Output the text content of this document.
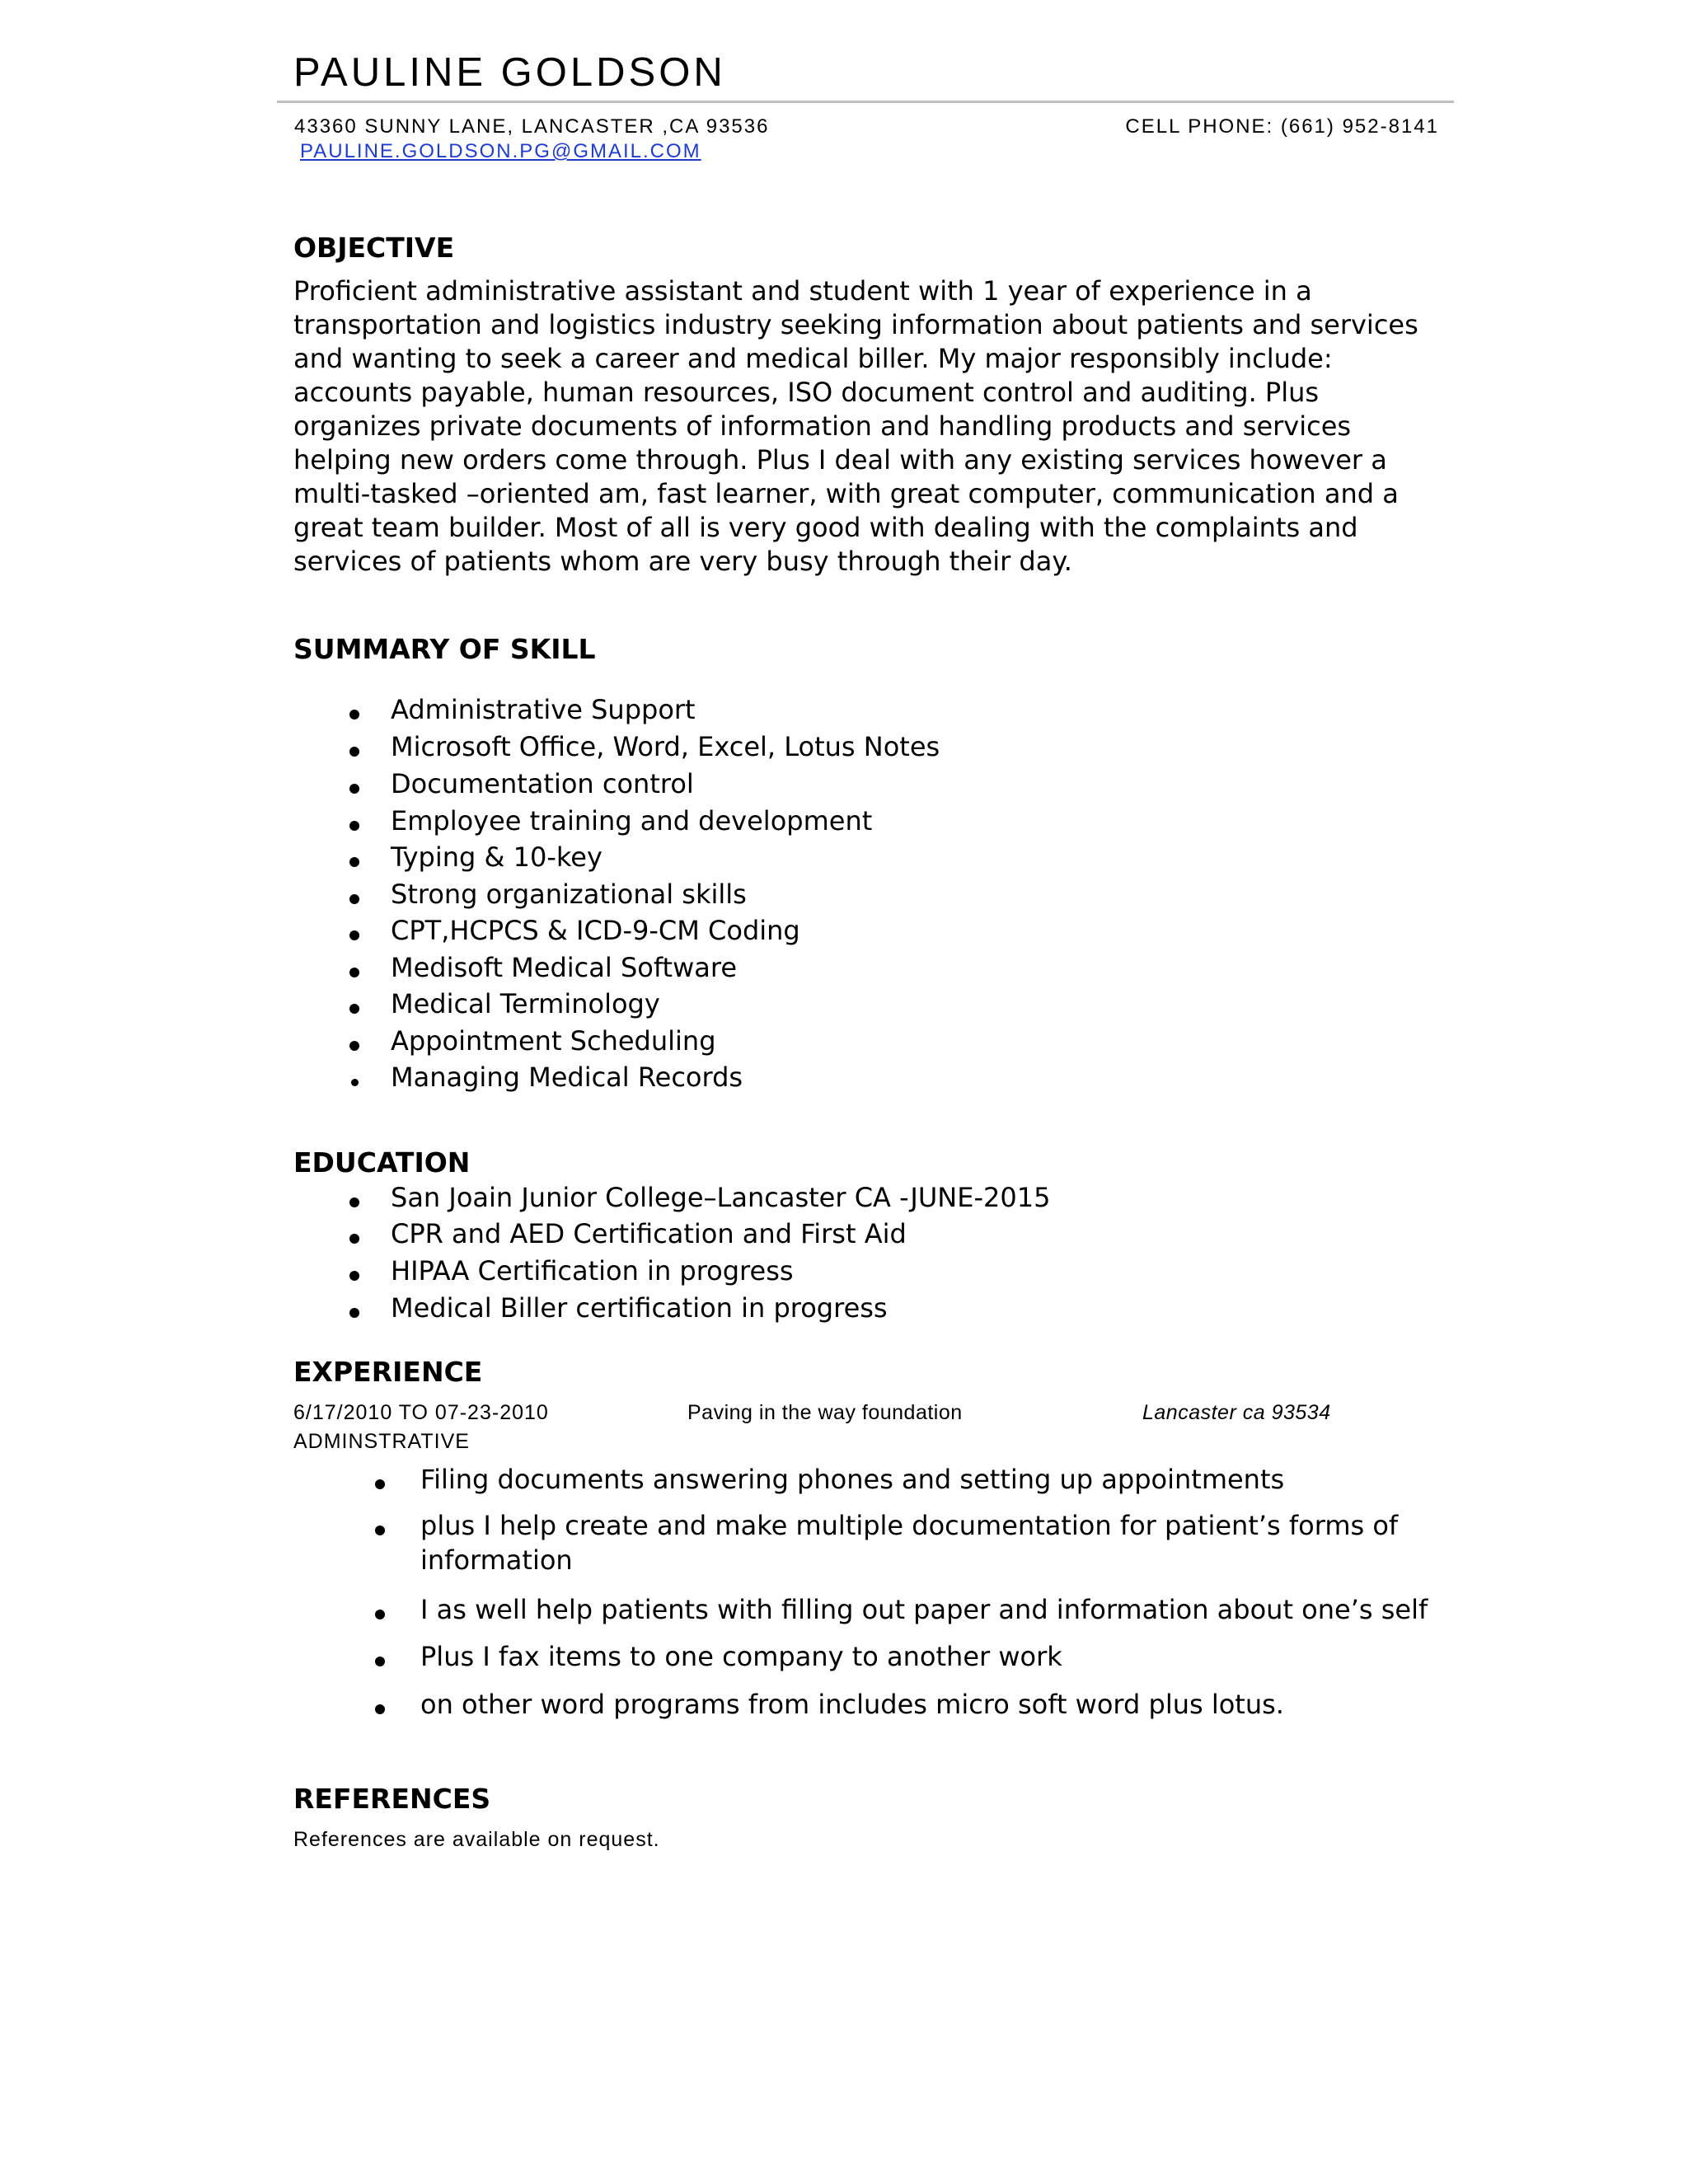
PAULINE GOLDSON
43360 SUNNY LANE, LANCASTER ,CA 93536	CELL PHONE: (661) 952-8141
PAULINE.GOLDSON.PG@GMAIL.COM
OBJECTIVE
Proficient administrative assistant and student with 1 year of experience in a
transportation and logistics industry seeking information about patients and services
and wanting to seek a career and medical biller. My major responsibly include:
accounts payable, human resources, ISO document control and auditing. Plus
organizes private documents of information and handling products and services
helping new orders come through. Plus I deal with any existing services however a
multi-tasked –oriented am, fast learner, with great computer, communication and a
great team builder. Most of all is very good with dealing with the complaints and
services of patients whom are very busy through their day.
SUMMARY OF SKILL
Administrative Support
Microsoft Office, Word, Excel, Lotus Notes
Documentation control
Employee training and development
Typing & 10-key
Strong organizational skills
CPT,HCPCS & ICD-9-CM Coding
Medisoft Medical Software
Medical Terminology
Appointment Scheduling
Managing Medical Records
EDUCATION
San Joain Junior College–Lancaster CA -JUNE-2015
CPR and AED Certification and First Aid
HIPAA Certification in progress
Medical Biller certification in progress
EXPERIENCE
6/17/2010 TO 07-23-2010	Paving in the way foundation	Lancaster ca 93534
ADMINSTRATIVE
Filing documents answering phones and setting up appointments
plus I help create and make multiple documentation for patient’s forms of
information
I as well help patients with filling out paper and information about one’s self
Plus I fax items to one company to another work
on other word programs from includes micro soft word plus lotus.
REFERENCES
References are available on request.
